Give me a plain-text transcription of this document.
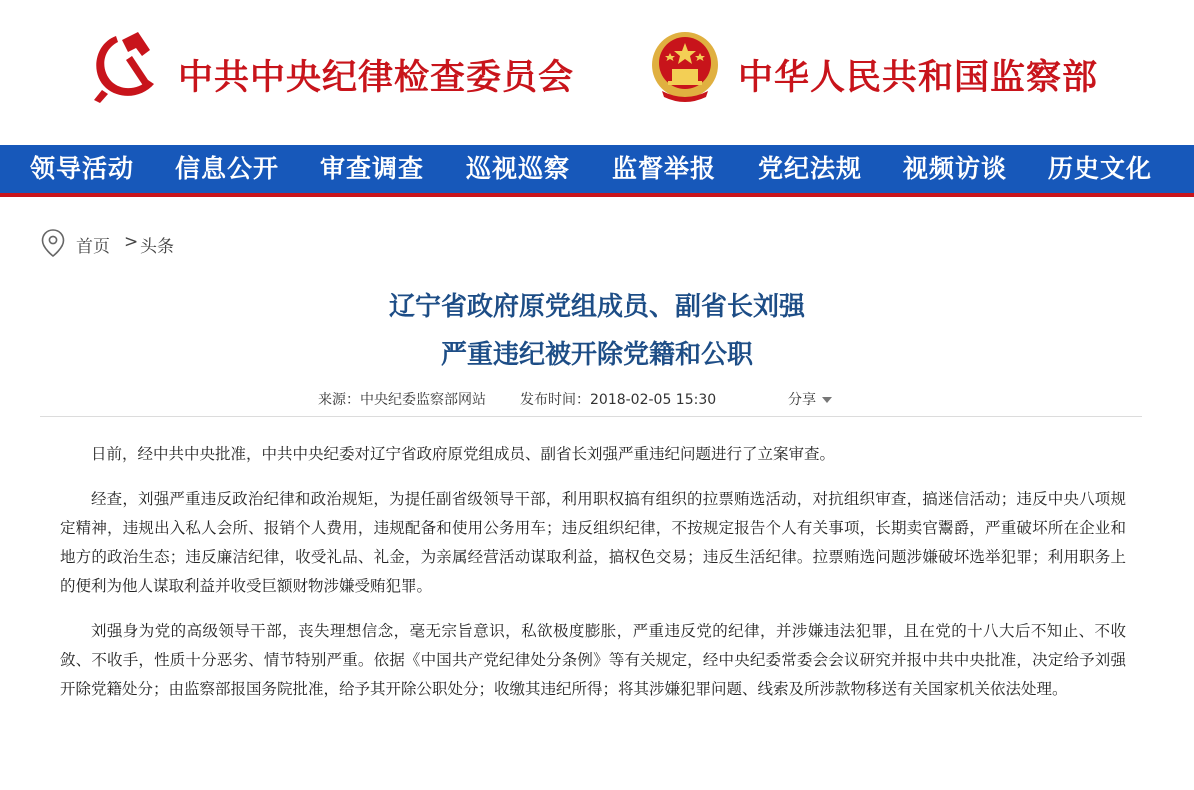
中共中央纪律检查委员会	中华人民共和国监察部
领导活动 信息公开 审查调查 巡视巡察 监督举报 党纪法规 视频访谈 历史文化
首页 > 头条
辽宁省政府原党组成员、副省长刘强
严重违纪被开除党籍和公职
来源：中央纪委监察部网站 发布时间：2018-02-05 15:30	分享

日前，经中共中央批准，中共中央纪委对辽宁省政府原党组成员、副省长刘强严重违纪问题进行了立案审查。

经查，刘强严重违反政治纪律和政治规矩，为提任副省级领导干部，利用职权搞有组织的拉票贿选活动，对抗组织审查，搞迷信活动；违反中央八项规定精神，违规出入私人会所、报销个人费用，违规配备和使用公务用车；违反组织纪律，不按规定报告个人有关事项，长期卖官鬻爵，严重破坏所在企业和地方的政治生态；违反廉洁纪律，收受礼品、礼金，为亲属经营活动谋取利益，搞权色交易；违反生活纪律。拉票贿选问题涉嫌破坏选举犯罪；利用职务上的便利为他人谋取利益并收受巨额财物涉嫌受贿犯罪。

刘强身为党的高级领导干部，丧失理想信念，毫无宗旨意识，私欲极度膨胀，严重违反党的纪律，并涉嫌违法犯罪，且在党的十八大后不知止、不收敛、不收手，性质十分恶劣、情节特别严重。依据《中国共产党纪律处分条例》等有关规定，经中央纪委常委会会议研究并报中共中央批准，决定给予刘强开除党籍处分；由监察部报国务院批准，给予其开除公职处分；收缴其违纪所得；将其涉嫌犯罪问题、线索及所涉款物移送有关国家机关依法处理。
